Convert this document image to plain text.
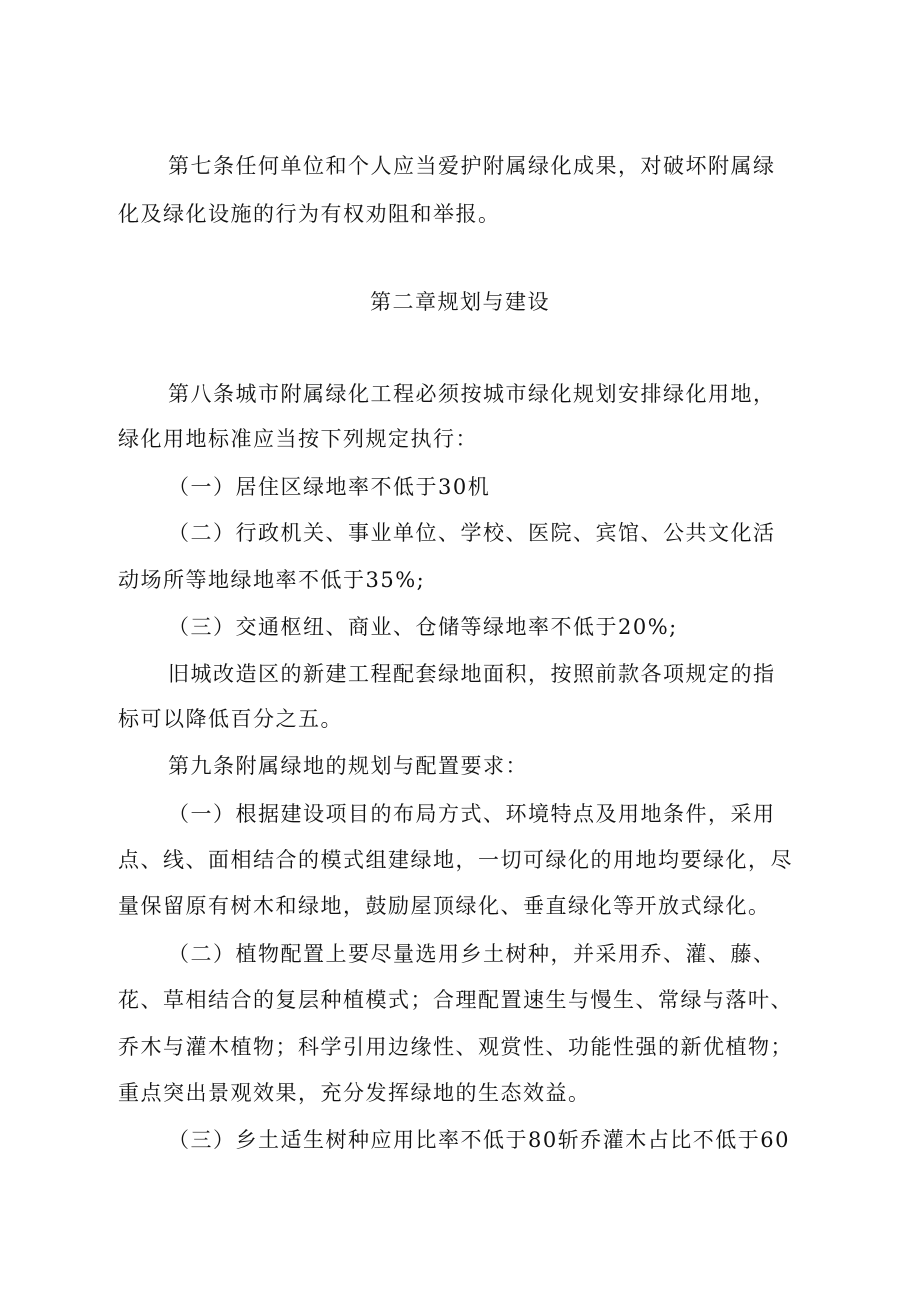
第七条任何单位和个人应当爱护附属绿化成果，对破坏附属绿
化及绿化设施的行为有权劝阻和举报。
第二章规划与建设
第八条城市附属绿化工程必须按城市绿化规划安排绿化用地，
绿化用地标准应当按下列规定执行：
（一）居住区绿地率不低于30机
（二）行政机关、事业单位、学校、医院、宾馆、公共文化活
动场所等地绿地率不低于35%;
（三）交通枢纽、商业、仓储等绿地率不低于20%;
旧城改造区的新建工程配套绿地面积，按照前款各项规定的指
标可以降低百分之五。
第九条附属绿地的规划与配置要求：
（一）根据建设项目的布局方式、环境特点及用地条件，采用
点、线、面相结合的模式组建绿地，一切可绿化的用地均要绿化，尽
量保留原有树木和绿地，鼓励屋顶绿化、垂直绿化等开放式绿化。
（二）植物配置上要尽量选用乡土树种，并采用乔、灌、藤、
花、草相结合的复层种植模式；合理配置速生与慢生、常绿与落叶、
乔木与灌木植物；科学引用边缘性、观赏性、功能性强的新优植物；
重点突出景观效果，充分发挥绿地的生态效益。
（三）乡土适生树种应用比率不低于80斩乔灌木占比不低于60
